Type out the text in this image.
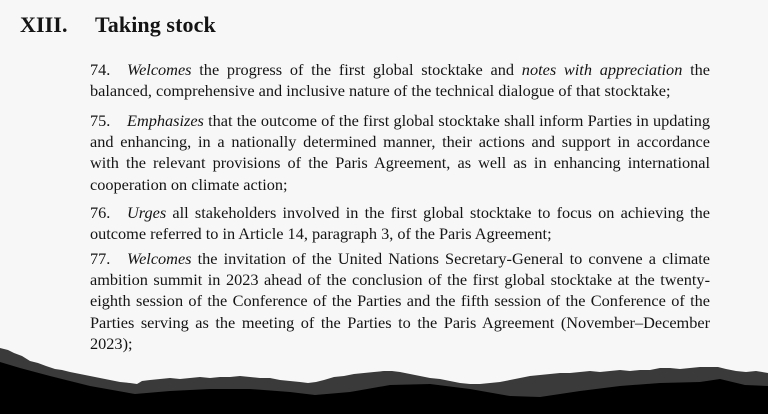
XIII. Taking stock
74. Welcomes the progress of the first global stocktake and notes with appreciation the balanced, comprehensive and inclusive nature of the technical dialogue of that stocktake;
75. Emphasizes that the outcome of the first global stocktake shall inform Parties in updating and enhancing, in a nationally determined manner, their actions and support in accordance with the relevant provisions of the Paris Agreement, as well as in enhancing international cooperation on climate action;
76. Urges all stakeholders involved in the first global stocktake to focus on achieving the outcome referred to in Article 14, paragraph 3, of the Paris Agreement;
77. Welcomes the invitation of the United Nations Secretary-General to convene a climate ambition summit in 2023 ahead of the conclusion of the first global stocktake at the twenty-eighth session of the Conference of the Parties and the fifth session of the Conference of the Parties serving as the meeting of the Parties to the Paris Agreement (November–December 2023);
